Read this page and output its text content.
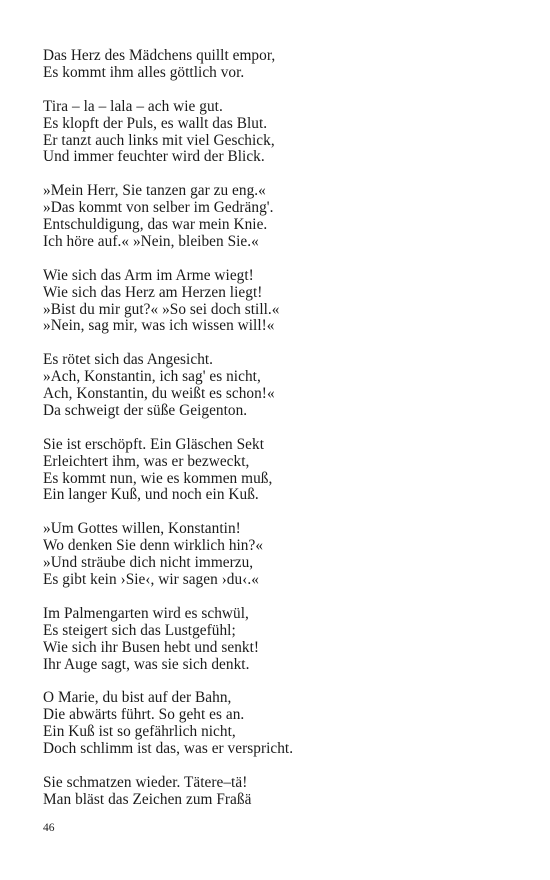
Das Herz des Mädchens quillt empor,
Es kommt ihm alles göttlich vor.
Tira – la – lala – ach wie gut.
Es klopft der Puls, es wallt das Blut.
Er tanzt auch links mit viel Geschick,
Und immer feuchter wird der Blick.
»Mein Herr, Sie tanzen gar zu eng.«
»Das kommt von selber im Gedräng'.
Entschuldigung, das war mein Knie.
Ich höre auf.« »Nein, bleiben Sie.«
Wie sich das Arm im Arme wiegt!
Wie sich das Herz am Herzen liegt!
»Bist du mir gut?« »So sei doch still.«
»Nein, sag mir, was ich wissen will!«
Es rötet sich das Angesicht.
»Ach, Konstantin, ich sag' es nicht,
Ach, Konstantin, du weißt es schon!«
Da schweigt der süße Geigenton.
Sie ist erschöpft. Ein Gläschen Sekt
Erleichtert ihm, was er bezweckt,
Es kommt nun, wie es kommen muß,
Ein langer Kuß, und noch ein Kuß.
»Um Gottes willen, Konstantin!
Wo denken Sie denn wirklich hin?«
»Und sträube dich nicht immerzu,
Es gibt kein ›Sie‹, wir sagen ›du‹.«
Im Palmengarten wird es schwül,
Es steigert sich das Lustgefühl;
Wie sich ihr Busen hebt und senkt!
Ihr Auge sagt, was sie sich denkt.
O Marie, du bist auf der Bahn,
Die abwärts führt. So geht es an.
Ein Kuß ist so gefährlich nicht,
Doch schlimm ist das, was er verspricht.
Sie schmatzen wieder. Tätere–tä!
Man bläst das Zeichen zum Fraßä
46
